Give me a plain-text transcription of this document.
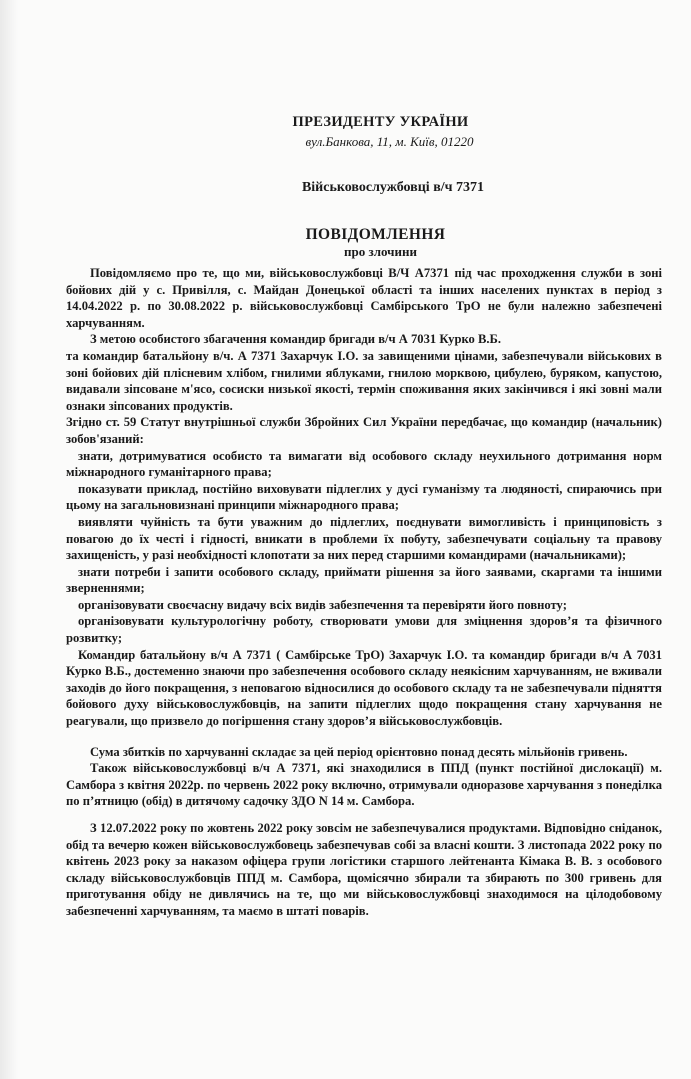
ПРЕЗИДЕНТУ УКРАЇНИ
вул.Банкова, 11, м. Київ, 01220
Військовослужбовці в/ч 7371
ПОВІДОМЛЕННЯ
про злочини

Повідомляємо про те, що ми, військовослужбовці В/Ч А7371 під час проходження служби в зоні бойових дій у с. Привілля, с. Майдан Донецької області та інших населених пунктах в період з 14.04.2022 р. по 30.08.2022 р. військовослужбовці Самбірського ТрО не були належно забезпечені харчуванням.

З метою особистого збагачення командир бригади в/ч А 7031 Курко В.Б.

та командир батальйону в/ч. А 7371 Захарчук І.О. за завищеними цінами, забезпечували військових в зоні бойових дій плісневим хлібом, гнилими яблуками, гнилою морквою, цибулею, буряком, капустою, видавали зіпсоване м'ясо, сосиски низької якості, термін споживання яких закінчився і які зовні мали ознаки зіпсованих продуктів.

Згідно ст. 59 Статут внутрішньої служби Збройних Сил України передбачає, що командир (начальник) зобов'язаний:

знати, дотримуватися особисто та вимагати від особового складу неухильного дотримання норм міжнародного гуманітарного права;

показувати приклад, постійно виховувати підлеглих у дусі гуманізму та людяності, спираючись при цьому на загальновизнані принципи міжнародного права;

виявляти чуйність та бути уважним до підлеглих, поєднувати вимогливість і принциповість з повагою до їх честі і гідності, вникати в проблеми їх побуту, забезпечувати соціальну та правову захищеність, у разі необхідності клопотати за них перед старшими командирами (начальниками);

знати потреби і запити особового складу, приймати рішення за його заявами, скаргами та іншими зверненнями;

організовувати своєчасну видачу всіх видів забезпечення та перевіряти його повноту;

організовувати культурологічну роботу, створювати умови для зміцнення здоров’я та фізичного розвитку;

Командир батальйону в/ч А 7371 ( Самбірське ТрО) Захарчук І.О. та командир бригади в/ч А 7031 Курко В.Б., достеменно знаючи про забезпечення особового складу неякісним харчуванням, не вживали заходів до його покращення, з неповагою відносилися до особового складу та не забезпечували підняття бойового духу військовослужбовців, на запити підлеглих щодо покращення стану харчування не реагували, що призвело до погіршення стану здоров’я військовослужбовців.

Сума збитків по харчуванні складає за цей період орієнтовно понад десять мільйонів гривень.

Також військовослужбовці в/ч А 7371, які знаходилися в ППД (пункт постійної дислокації) м. Самбора з квітня 2022р. по червень 2022 року включно, отримували одноразове харчування з понеділка по п’ятницю (обід) в дитячому садочку ЗДО N 14 м. Самбора.

З 12.07.2022 року по жовтень 2022 року зовсім не забезпечувалися продуктами. Відповідно сніданок, обід та вечерю кожен військовослужбовець забезпечував собі за власні кошти. З листопада 2022 року по квітень 2023 року за наказом офіцера групи логістики старшого лейтенанта Кімака В. В. з особового складу військовослужбовців ППД м. Самбора, щомісячно збирали та збирають по 300 гривень для приготування обіду не дивлячись на те, що ми військовослужбовці знаходимося на цілодобовому забезпеченні харчуванням, та маємо в штаті поварів.
